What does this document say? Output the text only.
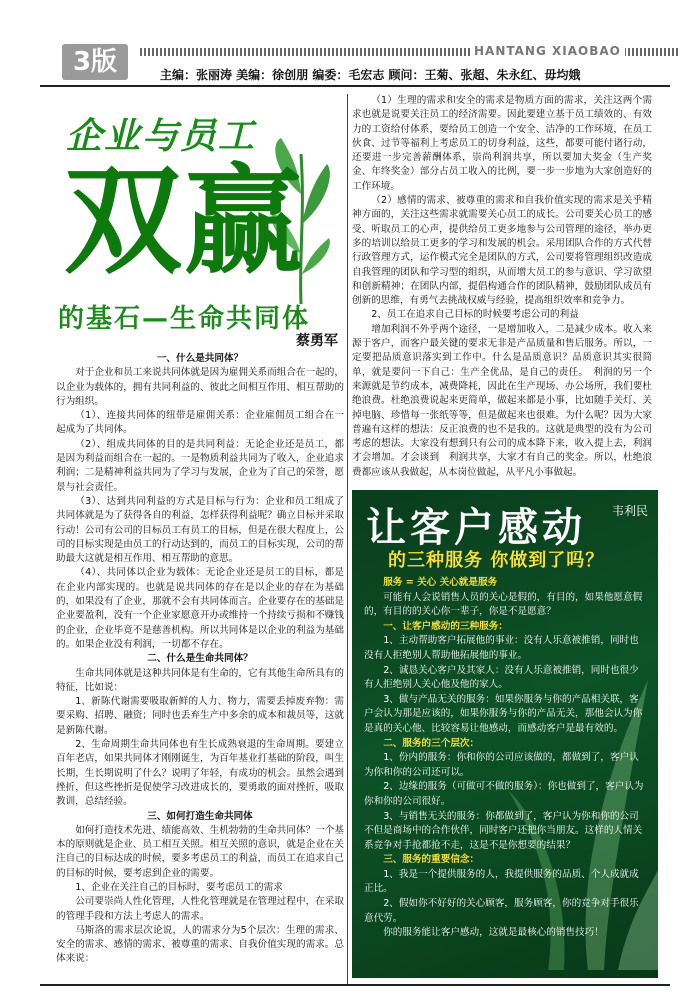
3版	HANTANG XIAOBAO
主编：张丽涛 美编：徐创朋 编委：毛宏志 顾问：王菊、张超、朱永红、毋均娥
企业与员工
双赢
的基石—生命共同体
蔡勇军

一、什么是共同体？

对于企业和员工来说共同体就是因为雇佣关系而组合在一起的，以企业为载体的，拥有共同利益的、彼此之间相互作用、相互帮助的行为组织。

（1）、连接共同体的纽带是雇佣关系：企业雇佣员工组合在一起成为了共同体。

（2）、组成共同体的目的是共同利益：无论企业还是员工，都是因为利益而组合在一起的。一是物质利益共同为了收入，企业追求利润；二是精神利益共同为了学习与发展，企业为了自己的荣誉，愿景与社会责任。

（3）、达到共同利益的方式是目标与行为：企业和员工组成了共同体就是为了获得各自的利益，怎样获得利益呢？确立目标并采取行动！公司有公司的目标员工有员工的目标，但是在很大程度上，公司的目标实现是由员工的行动达到的，而员工的目标实现，公司的帮助最大这就是相互作用、相互帮助的意思。

（4）、共同体以企业为载体：无论企业还是员工的目标，都是在企业内部实现的。也就是说共同体的存在是以企业的存在为基础的，如果没有了企业，那就不会有共同体而言。企业要存在的基础是企业要盈利，没有一个企业家愿意开办或维持一个持续亏损和不赚钱的企业，企业毕竟不是慈善机构。所以共同体是以企业的利益为基础的。如果企业没有利润，一切都不存在。

二、什么是生命共同体？

生命共同体就是这种共同体是有生命的，它有其他生命所具有的特征，比如说：

1、新陈代谢需要吸取新鲜的人力、物力，需要丢掉废弃物：需要采购、招聘、融资；同时也丢弃生产中多余的成本和裁员等，这就是新陈代谢。

2、生命周期生命共同体也有生长成熟衰退的生命周期。要建立百年老店，如果共同体才刚刚诞生，为百年基业打基础的阶段，叫生长期，生长期说明了什么？说明了年轻，有成功的机会。虽然会遇到挫折，但这些挫折是促使学习改进成长的，要勇敢的面对挫折，吸取教训，总结经验。

三、如何打造生命共同体

如何打造技术先进、绩能高效、生机勃勃的生命共同体？一个基本的原则就是企业、员工相互关照。相互关照的意识，就是企业在关注自己的目标达成的时候，要多考虑员工的利益，而员工在追求自己的目标的时候，要考虑到企业的需要。

1、企业在关注自己的目标时，要考虑员工的需求

公司要崇尚人性化管理，人性化管理就是在管理过程中，在采取的管理手段和方法上考虑人的需求。

马斯洛的需求层次论说，人的需求分为5个层次：生理的需求、安全的需求、感情的需求、被尊重的需求、自我价值实现的需求。总体来说：

（1）生理的需求和安全的需求是物质方面的需求，关注这两个需求也就是说要关注员工的经济需要。因此要建立基于员工绩效的、有效力的工资给付体系，要给员工创造一个安全、洁净的工作环境，在员工伙食、过节等福利上考虑员工的切身利益，这些，都要可能付诸行动，还要进一步完善薪酬体系，崇尚利润共享，所以要加大奖金（生产奖金、年终奖金）部分占员工收入的比例，要一步一步地为大家创造好的工作环境。

（2）感情的需求、被尊重的需求和自我价值实现的需求是关乎精神方面的，关注这些需求就需要关心员工的成长。公司要关心员工的感受、听取员工的心声，提供给员工更多地参与公司管理的途径，举办更多的培训以给员工更多的学习和发展的机会。采用团队合作的方式代替行政管理方式，运作模式完全是团队的方式，公司要将管理组织改造成自我管理的团队和学习型的组织，从而增大员工的参与意识、学习欲望和创新精神；在团队内部，提倡构通合作的团队精神，鼓励团队成员有创新的思维，有勇气去挑战权威与经验，提高组织效率和竞争力。

2、员工在追求自己目标的时候要考虑公司的利益

增加利润不外乎两个途径，一是增加收入，二是减少成本。收入来源于客户，而客户最关键的要求无非是产品质量和售后服务。所以，一定要把品质意识落实到工作中。什么是品质意识？品质意识其实很简单，就是要问一下自己：生产全优品，是自己的责任。　利润的另一个来源就是节约成本，减费降耗，因此在生产现场、办公场所，我们要杜绝浪费。杜绝浪费说起来更简单，做起来都是小事，比如随手关灯、关掉电脑、珍惜每一张纸等等，但是做起来也很难。为什么呢？因为大家普遍有这样的想法：反正浪费的也不是我的。这就是典型的没有为公司考虑的想法。大家没有想到只有公司的成本降下来，收入提上去，利润才会增加。才会谈到　利润共享，大家才有自己的奖金。所以，杜绝浪费都应该从我做起，从本岗位做起，从平凡小事做起。

让客户感动 韦利民
的三种服务 你做到了吗？

服务 = 关心 关心就是服务

可能有人会说销售人员的关心是假的，有目的，如果他愿意假的，有目的的关心你一辈子，你是不是愿意？

一、让客户感动的三种服务：

1、主动帮助客户拓展他的事业：没有人乐意被推销，同时也没有人拒绝别人帮助他拓展他的事业。

2、诚恳关心客户及其家人：没有人乐意被推销，同时也很少有人拒绝别人关心他及他的家人。

3、做与产品无关的服务：如果你服务与你的产品相关联，客户会认为那是应该的，如果你服务与你的产品无关，那他会认为你是真的关心他、比较容易让他感动，而感动客户是最有效的。

二、服务的三个层次：

1、份内的服务：你和你的公司应该做的，都做到了，客户认为你和你的公司还可以。

2、边缘的服务（可做可不做的服务）：你也做到了，客户认为你和你的公司很好。

3、与销售无关的服务：你都做到了，客户认为你和你的公司不但是商场中的合作伙伴，同时客户还把你当朋友。这样的人情关系竞争对手抢都抢不走，这是不是你想要的结果？

三、服务的重要信念：

1、我是一个提供服务的人，我提供服务的品质、个人成就成正比。

2、假如你不好好的关心顾客，服务顾客，你的竞争对手很乐意代劳。

你的服务能让客户感动，这就是最核心的销售技巧！
